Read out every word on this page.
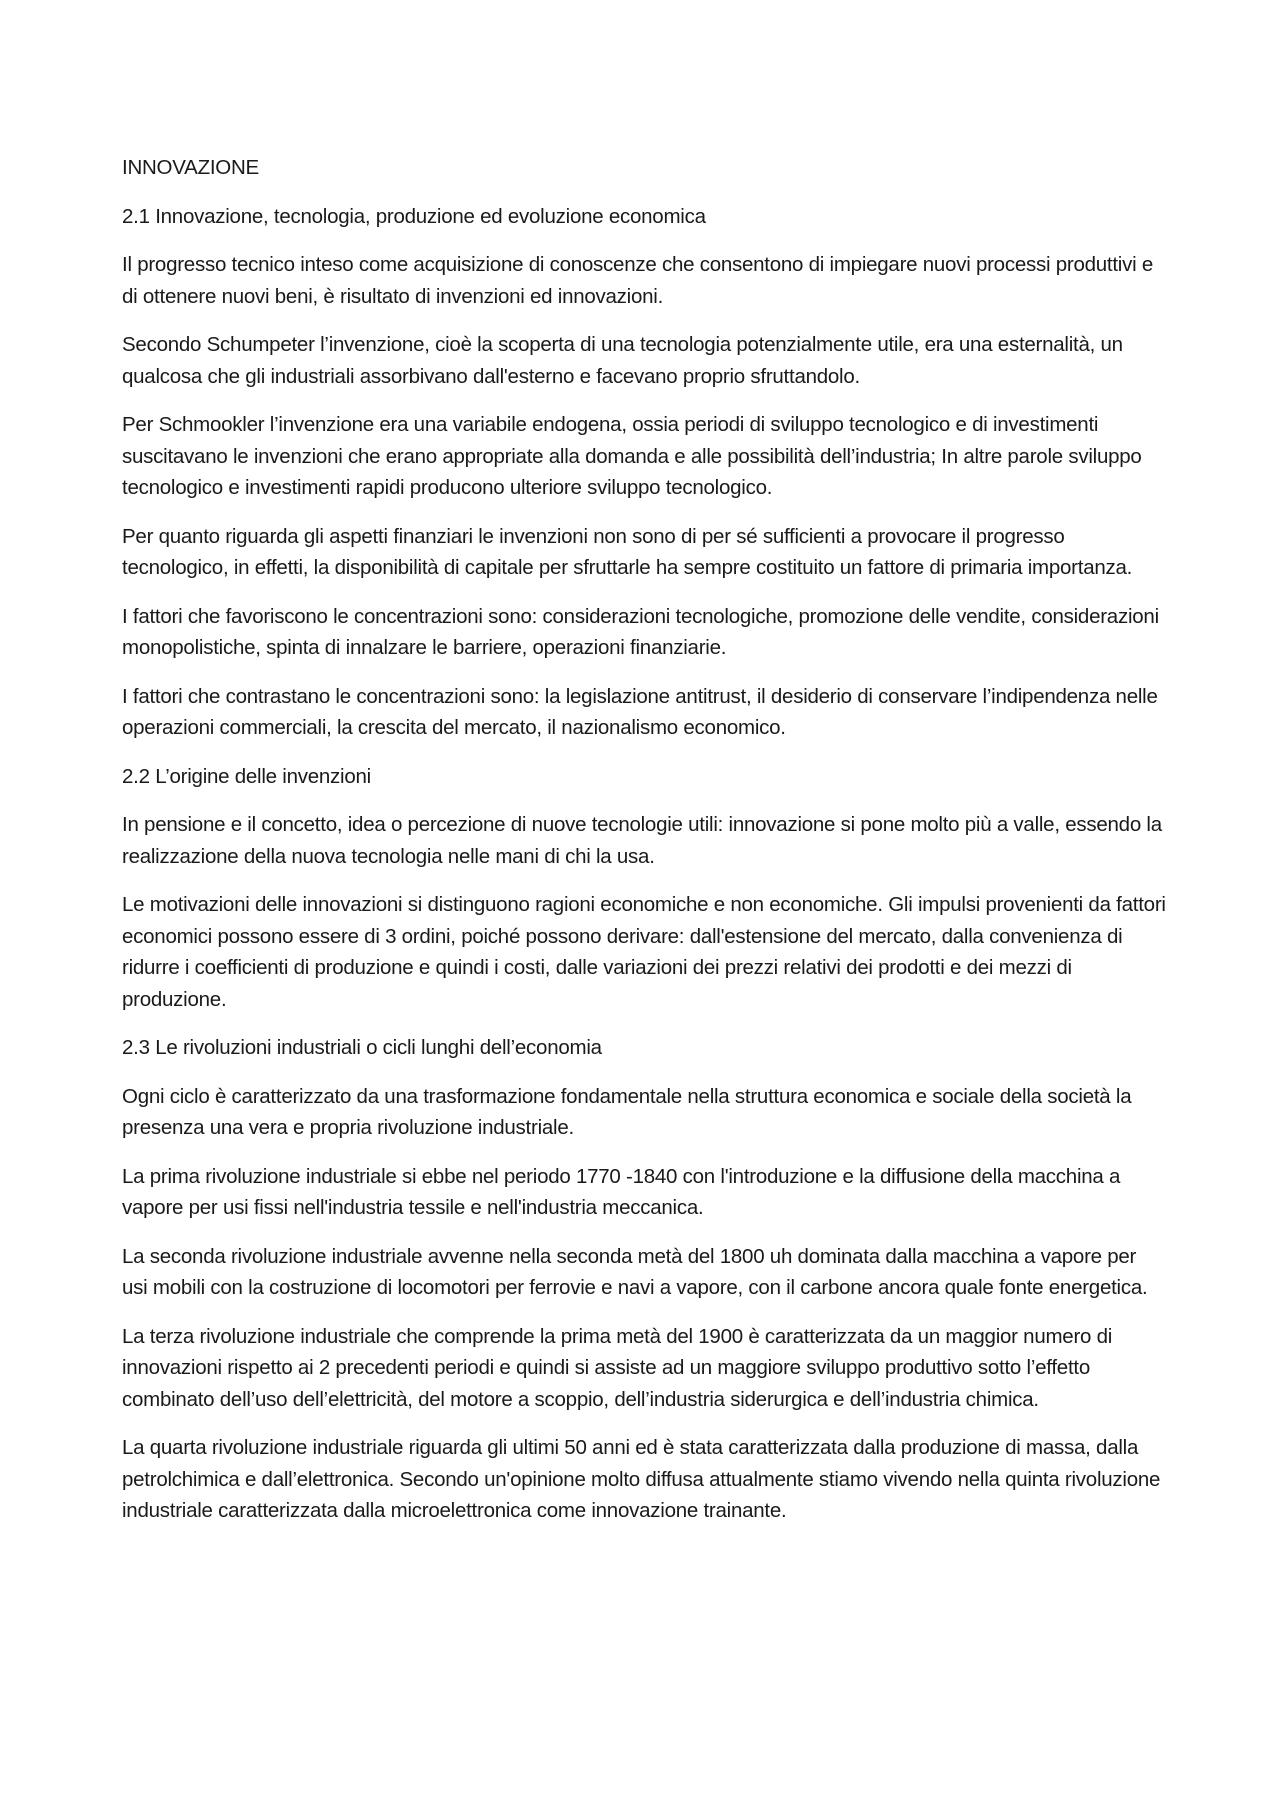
INNOVAZIONE

2.1 Innovazione, tecnologia, produzione ed evoluzione economica

Il progresso tecnico inteso come acquisizione di conoscenze che consentono di impiegare nuovi processi produttivi e di ottenere nuovi beni, è risultato di invenzioni ed innovazioni.

Secondo Schumpeter l’invenzione, cioè la scoperta di una tecnologia potenzialmente utile, era una esternalità, un qualcosa che gli industriali assorbivano dall'esterno e facevano proprio sfruttandolo.

Per Schmookler l’invenzione era una variabile endogena, ossia periodi di sviluppo tecnologico e di investimenti suscitavano le invenzioni che erano appropriate alla domanda e alle possibilità dell’industria; In altre parole sviluppo tecnologico e investimenti rapidi producono ulteriore sviluppo tecnologico.

Per quanto riguarda gli aspetti finanziari le invenzioni non sono di per sé sufficienti a provocare il progresso tecnologico, in effetti, la disponibilità di capitale per sfruttarle ha sempre costituito un fattore di primaria importanza.

I fattori che favoriscono le concentrazioni sono: considerazioni tecnologiche, promozione delle vendite, considerazioni monopolistiche, spinta di innalzare le barriere, operazioni finanziarie.

I fattori che contrastano le concentrazioni sono: la legislazione antitrust, il desiderio di conservare l’indipendenza nelle operazioni commerciali, la crescita del mercato, il nazionalismo economico.

2.2 L’origine delle invenzioni

In pensione e il concetto, idea o percezione di nuove tecnologie utili: innovazione si pone molto più a valle, essendo la realizzazione della nuova tecnologia nelle mani di chi la usa.

Le motivazioni delle innovazioni si distinguono ragioni economiche e non economiche. Gli impulsi provenienti da fattori economici possono essere di 3 ordini, poiché possono derivare: dall'estensione del mercato, dalla convenienza di ridurre i coefficienti di produzione e quindi i costi, dalle variazioni dei prezzi relativi dei prodotti e dei mezzi di produzione.

2.3 Le rivoluzioni industriali o cicli lunghi dell’economia

Ogni ciclo è caratterizzato da una trasformazione fondamentale nella struttura economica e sociale della società la presenza una vera e propria rivoluzione industriale.

La prima rivoluzione industriale si ebbe nel periodo 1770 -1840 con l'introduzione e la diffusione della macchina a vapore per usi fissi nell'industria tessile e nell'industria meccanica.

La seconda rivoluzione industriale avvenne nella seconda metà del 1800 uh dominata dalla macchina a vapore per usi mobili con la costruzione di locomotori per ferrovie e navi a vapore, con il carbone ancora quale fonte energetica.

La terza rivoluzione industriale che comprende la prima metà del 1900 è caratterizzata da un maggior numero di innovazioni rispetto ai 2 precedenti periodi e quindi si assiste ad un maggiore sviluppo produttivo sotto l’effetto combinato dell’uso dell’elettricità, del motore a scoppio, dell’industria siderurgica e dell’industria chimica.

La quarta rivoluzione industriale riguarda gli ultimi 50 anni ed è stata caratterizzata dalla produzione di massa, dalla petrolchimica e dall’elettronica. Secondo un'opinione molto diffusa attualmente stiamo vivendo nella quinta rivoluzione industriale caratterizzata dalla microelettronica come innovazione trainante.
